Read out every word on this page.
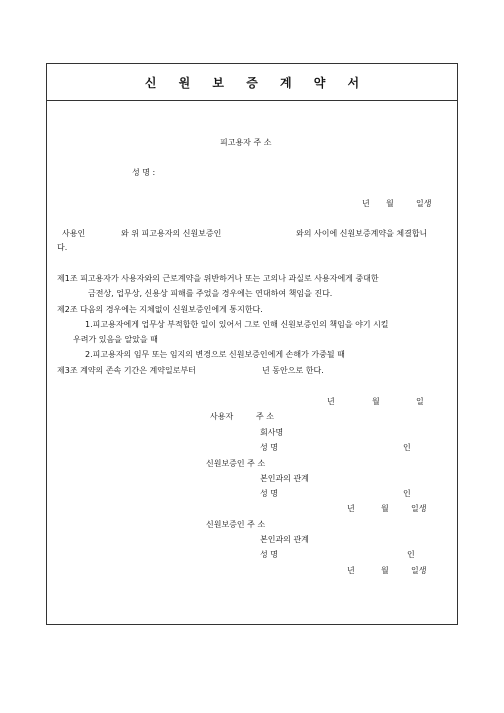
신 원 보 증 계 약 서
피고용자 주 소
성 명 :
년 월	일생
사용인	와 위 피고용자의 신원보증인	와의 사이에 신원보증계약을 체결합니
다.
제1조 피고용자가 사용자와의 근로계약을 위반하거나 또는 고의나 과실로 사용자에게 중대한
금전상, 업무상, 신용상 피해를 주었을 경우에는 연대하여 책임을 진다.
제2조 다음의 경우에는 지체없이 신원보증인에게 통지한다.
1.피고용자에게 업무상 부적합한 일이 있어서 그로 인해 신원보증인의 책임을 야기 시킬
우려가 있음을 알았을 때
2.피고용자의 임무 또는 임지의 변경으로 신원보증인에게 손해가 가중될 때
제3조 계약의 존속 기간은 계약일로부터	년 동안으로 한다.
년	월	일
사용자	주 소
회사명
성 명	인
신원보증인 주 소
본인과의 관계
성 명	인
년	월	일생
신원보증인 주 소
본인과의 관계
성 명	인
년	월	일생
